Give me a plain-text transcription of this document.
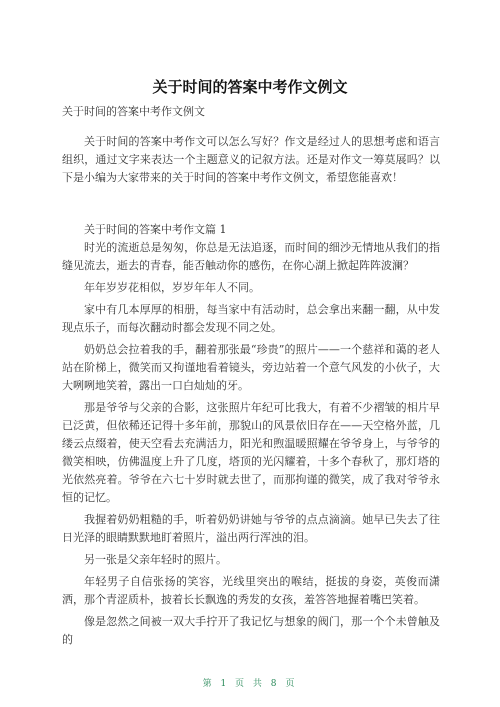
关于时间的答案中考作文例文
关于时间的答案中考作文例文

关于时间的答案中考作文可以怎么写好？作文是经过人的思想考虑和语言组织，通过文字来表达一个主题意义的记叙方法。还是对作文一筹莫展吗？以下是小编为大家带来的关于时间的答案中考作文例文，希望您能喜欢！

关于时间的答案中考作文篇 1

时光的流逝总是匆匆，你总是无法追逐，而时间的细沙无情地从我们的指缝见流去，逝去的青春，能否触动你的感伤，在你心湖上掀起阵阵波澜？

年年岁岁花相似，岁岁年年人不同。

家中有几本厚厚的相册，每当家中有活动时，总会拿出来翻一翻，从中发现点乐子，而每次翻动时都会发现不同之处。

奶奶总会拉着我的手，翻着那张最“珍贵”的照片——一个慈祥和蔼的老人站在阶梯上，微笑而又拘谨地看着镜头，旁边站着一个意气风发的小伙子，大大咧咧地笑着，露出一口白灿灿的牙。

那是爷爷与父亲的合影，这张照片年纪可比我大，有着不少褶皱的相片早已泛黄，但依稀还记得十多年前，那貌山的风景依旧存在——天空格外蓝，几缕云点缀着，使天空看去充满活力，阳光和煦温暖照耀在爷爷身上，与爷爷的微笑相映，仿佛温度上升了几度，塔顶的光闪耀着，十多个春秋了，那灯塔的光依然亮着。爷爷在六七十岁时就去世了，而那拘谨的微笑，成了我对爷爷永恒的记忆。

我握着奶奶粗糙的手，听着奶奶讲她与爷爷的点点滴滴。她早已失去了往日光泽的眼睛默默地盯着照片，溢出两行浑浊的泪。

另一张是父亲年轻时的照片。

年轻男子自信张扬的笑容，光线里突出的喉结，挺拔的身姿，英俊而潇洒，那个青涩质朴，披着长长飘逸的秀发的女孩，羞答答地握着嘴巴笑着。

像是忽然之间被一双大手拧开了我记忆与想象的阀门，那一个个未曾触及的

第 1 页 共 8 页
